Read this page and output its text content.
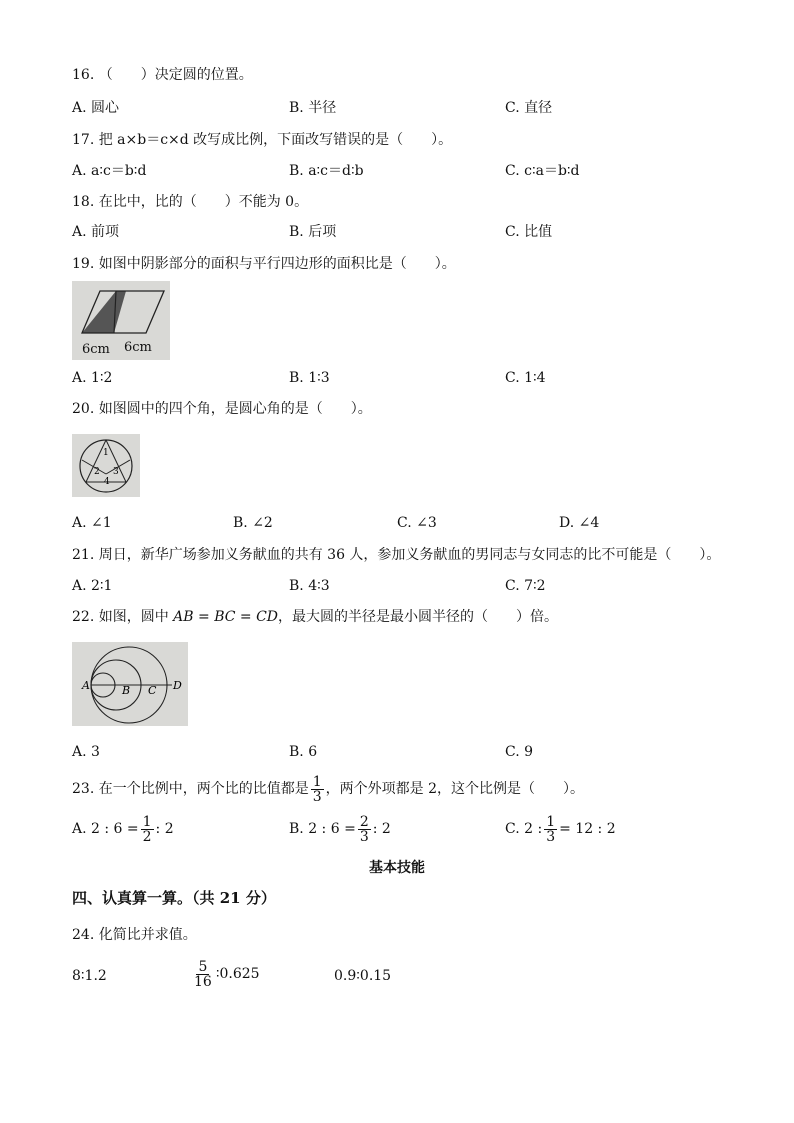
16. （　　）决定圆的位置。
A. 圆心	B. 半径	C. 直径
17. 把 a×b＝c×d 改写成比例，下面改写错误的是（　　）。
A. a∶c＝b∶d	B. a∶c＝d∶b	C. c∶a＝b∶d
18. 在比中，比的（　　）不能为 0。
A. 前项	B. 后项	C. 比值
19. 如图中阴影部分的面积与平行四边形的面积比是（　　）。
6cm 6cm
A. 1∶2	B. 1∶3	C. 1∶4
20. 如图圆中的四个角，是圆心角的是（　　）。
1
2 3
4
A. ∠1	B. ∠2	C. ∠3	D. ∠4
21. 周日，新华广场参加义务献血的共有 36 人，参加义务献血的男同志与女同志的比不可能是（　　）。
A. 2∶1	B. 4∶3	C. 7∶2
22. 如图，圆中 AB = BC = CD，最大圆的半径是最小圆半径的（　　）倍。
A	B C D
A. 3	B. 6	C. 9
23. 在一个比例中，两个比的比值都是 $\frac{1}{3}$ ，两个外项都是 2，这个比例是（　　）。
A. 2 : $6 = \frac{1}{2}$ : 2	B. 2 : $6 = \frac{2}{3}$ : 2	C. 2 : $\frac{1}{3} = 12$ : 2
基本技能
四、认真算一算。（共 21 分）
24. 化简比并求值。
8∶1.2	$\frac{5}{16}$ ∶0.625	0.9∶0.15
